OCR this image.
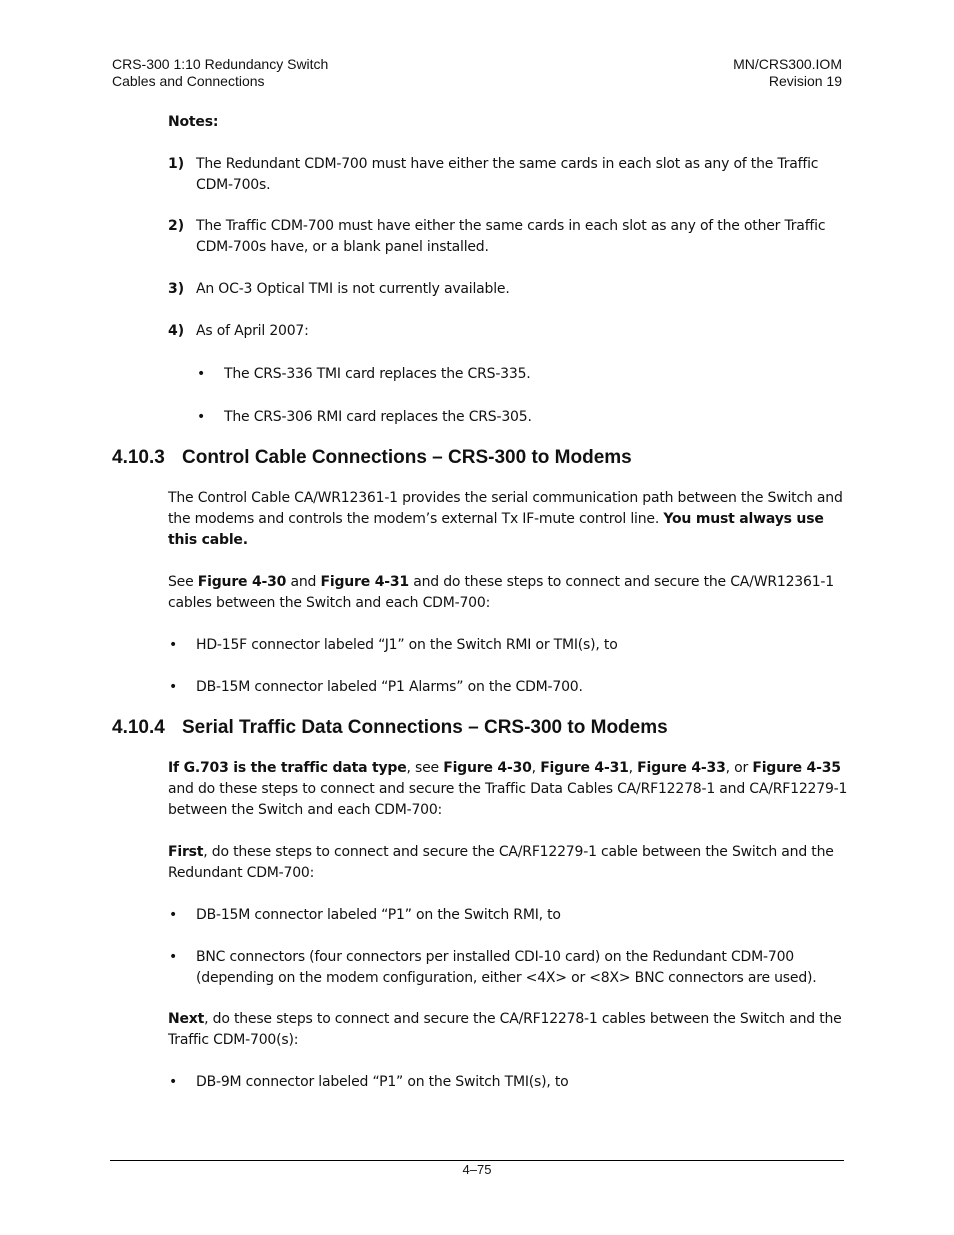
CRS-300 1:10 Redundancy Switch
Cables and Connections
MN/CRS300.IOM
Revision 19
Notes:
1) The Redundant CDM-700 must have either the same cards in each slot as any of the Traffic CDM-700s.
2) The Traffic CDM-700 must have either the same cards in each slot as any of the other Traffic CDM-700s have, or a blank panel installed.
3) An OC-3 Optical TMI is not currently available.
4) As of April 2007:
• The CRS-336 TMI card replaces the CRS-335.
• The CRS-306 RMI card replaces the CRS-305.
4.10.3 Control Cable Connections – CRS-300 to Modems
The Control Cable CA/WR12361-1 provides the serial communication path between the Switch and the modems and controls the modem’s external Tx IF-mute control line. You must always use this cable.
See Figure 4-30 and Figure 4-31 and do these steps to connect and secure the CA/WR12361-1 cables between the Switch and each CDM-700:
• HD-15F connector labeled “J1” on the Switch RMI or TMI(s), to
• DB-15M connector labeled “P1 Alarms” on the CDM-700.
4.10.4 Serial Traffic Data Connections – CRS-300 to Modems
If G.703 is the traffic data type, see Figure 4-30, Figure 4-31, Figure 4-33, or Figure 4-35 and do these steps to connect and secure the Traffic Data Cables CA/RF12278-1 and CA/RF12279-1 between the Switch and each CDM-700:
First, do these steps to connect and secure the CA/RF12279-1 cable between the Switch and the Redundant CDM-700:
• DB-15M connector labeled “P1” on the Switch RMI, to
• BNC connectors (four connectors per installed CDI-10 card) on the Redundant CDM-700 (depending on the modem configuration, either <4X> or <8X> BNC connectors are used).
Next, do these steps to connect and secure the CA/RF12278-1 cables between the Switch and the Traffic CDM-700(s):
• DB-9M connector labeled “P1” on the Switch TMI(s), to
4–75
